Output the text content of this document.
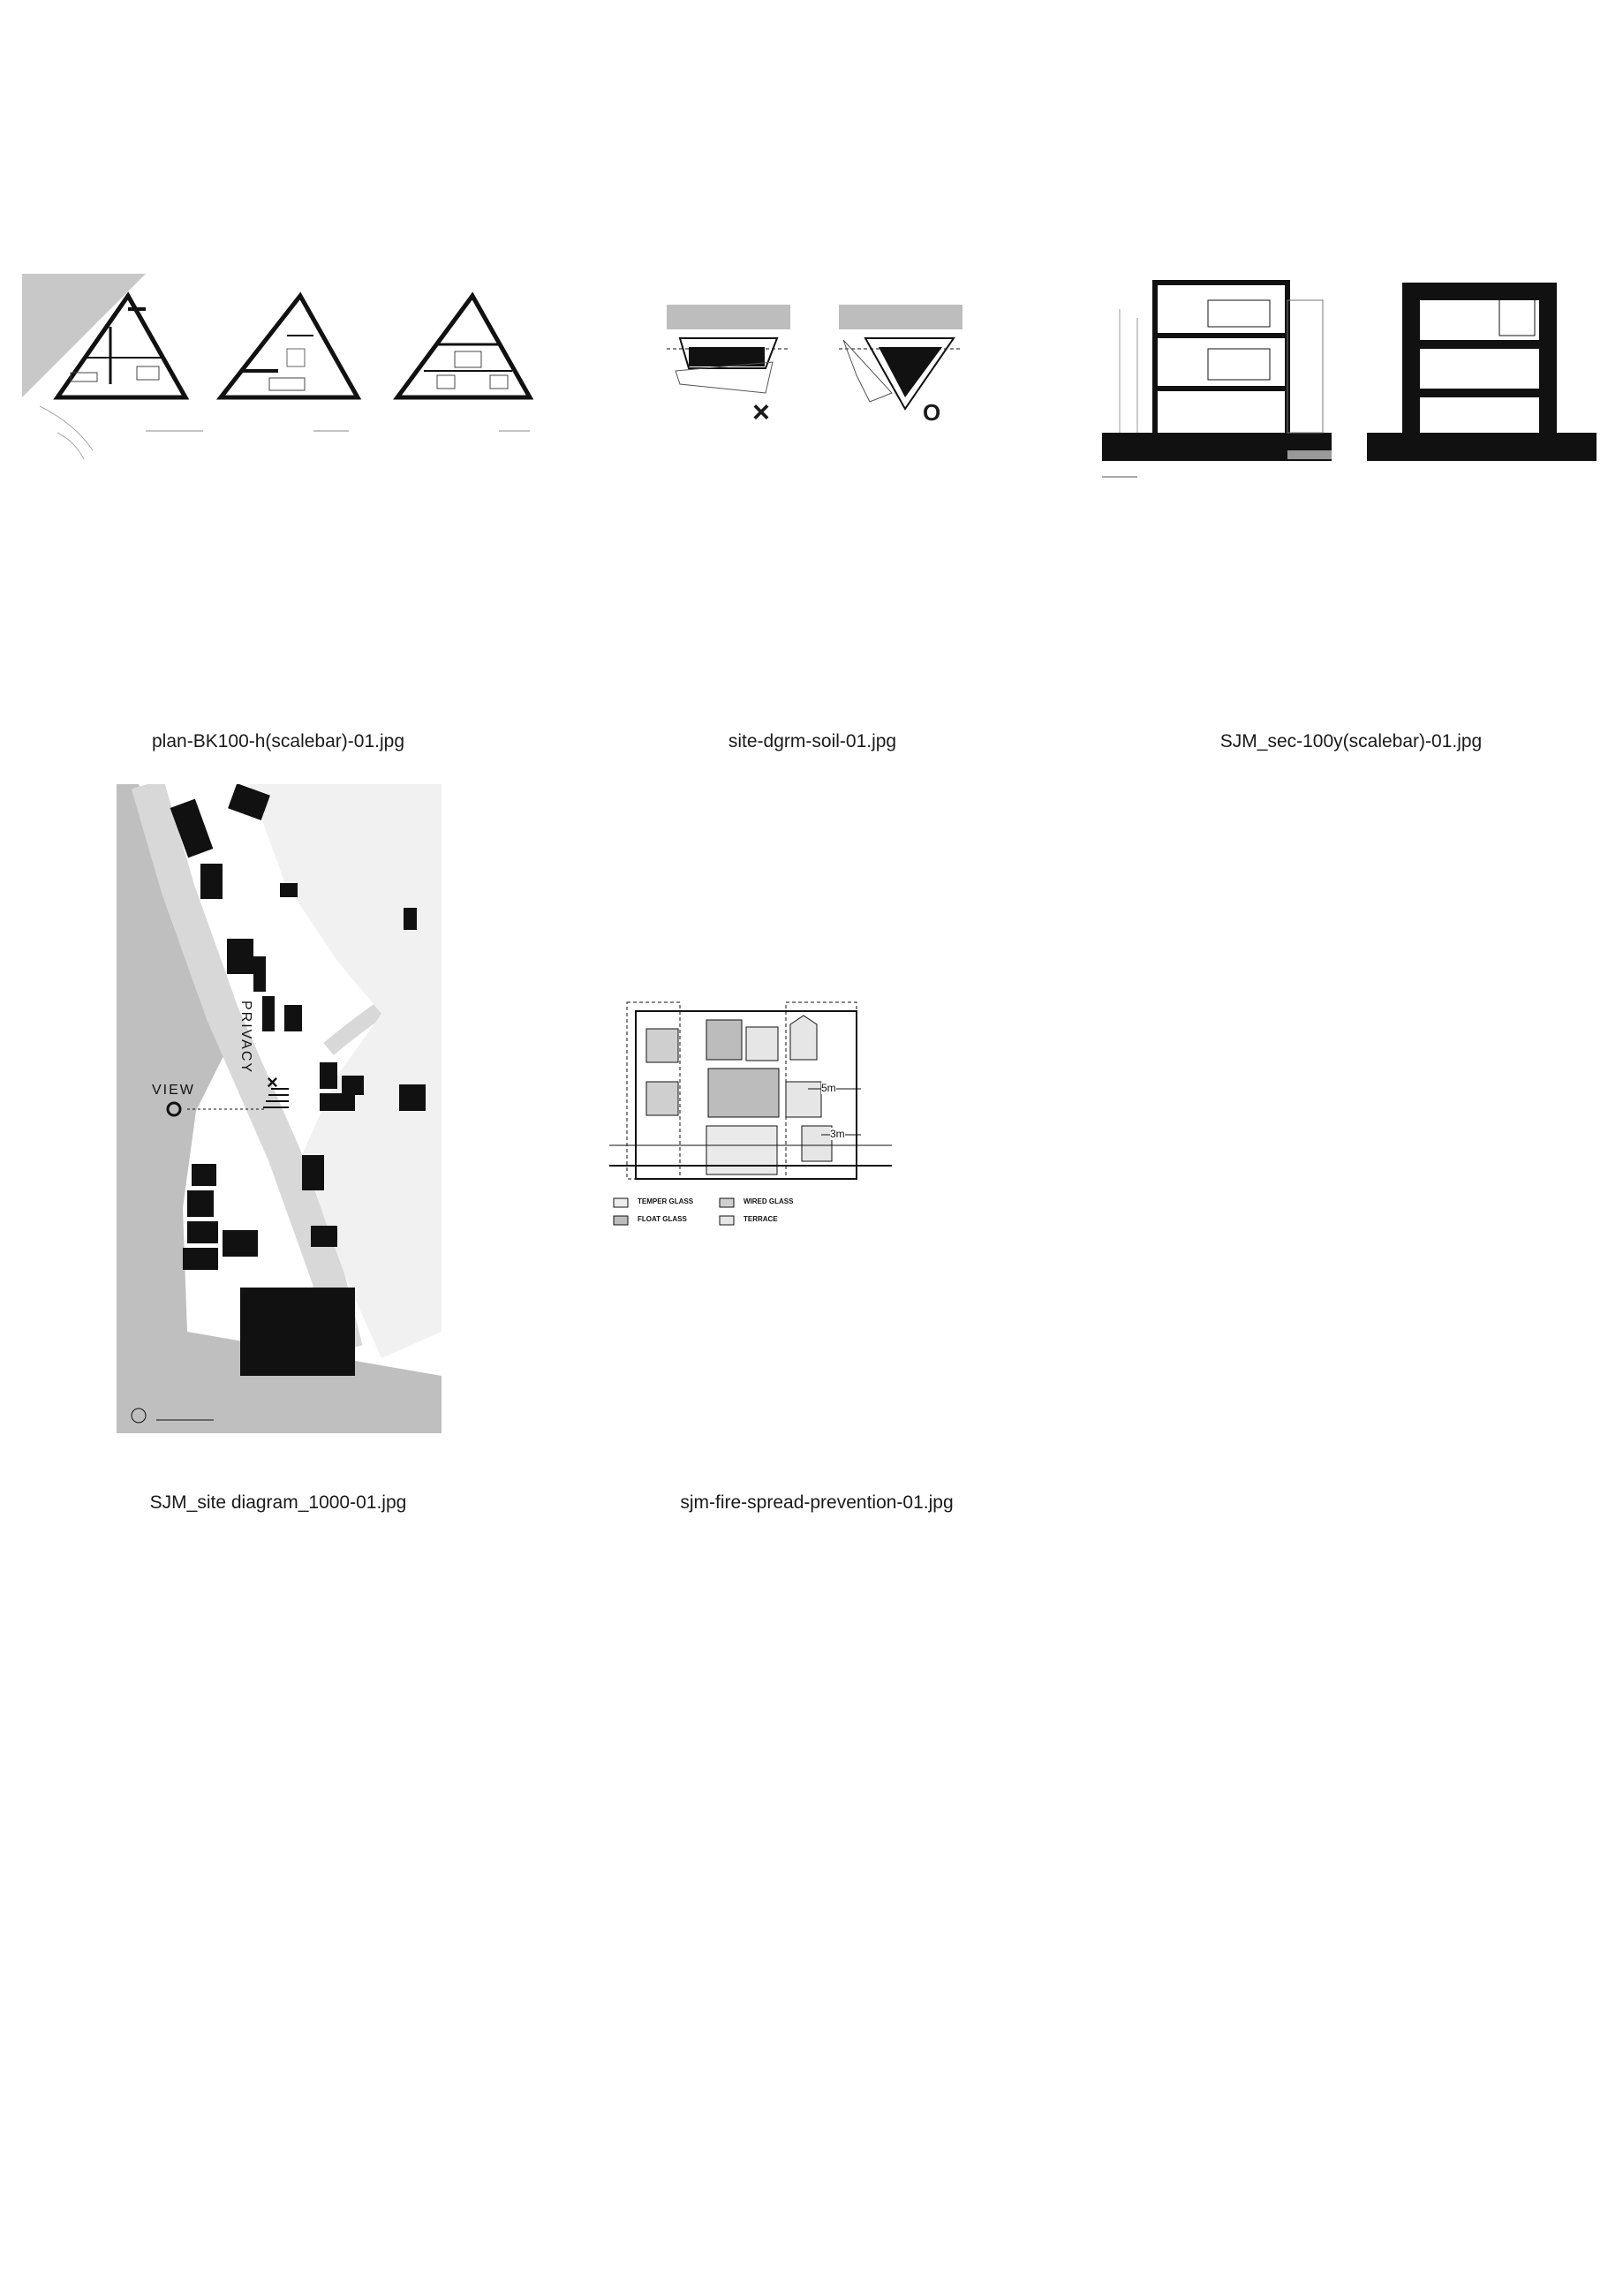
plan-BK100-h(scalebar)-01.jpg
×	O
site-dgrm-soil-01.jpg	SJM_sec-100y(scalebar)-01.jpg
PRIVACY
×
VIEW
SJM_site diagram_1000-01.jpg
5m
3m
TEMPER GLASS
FLOAT GLASS
WIRED GLASS
TERRACE
sjm-fire-spread-prevention-01.jpg
